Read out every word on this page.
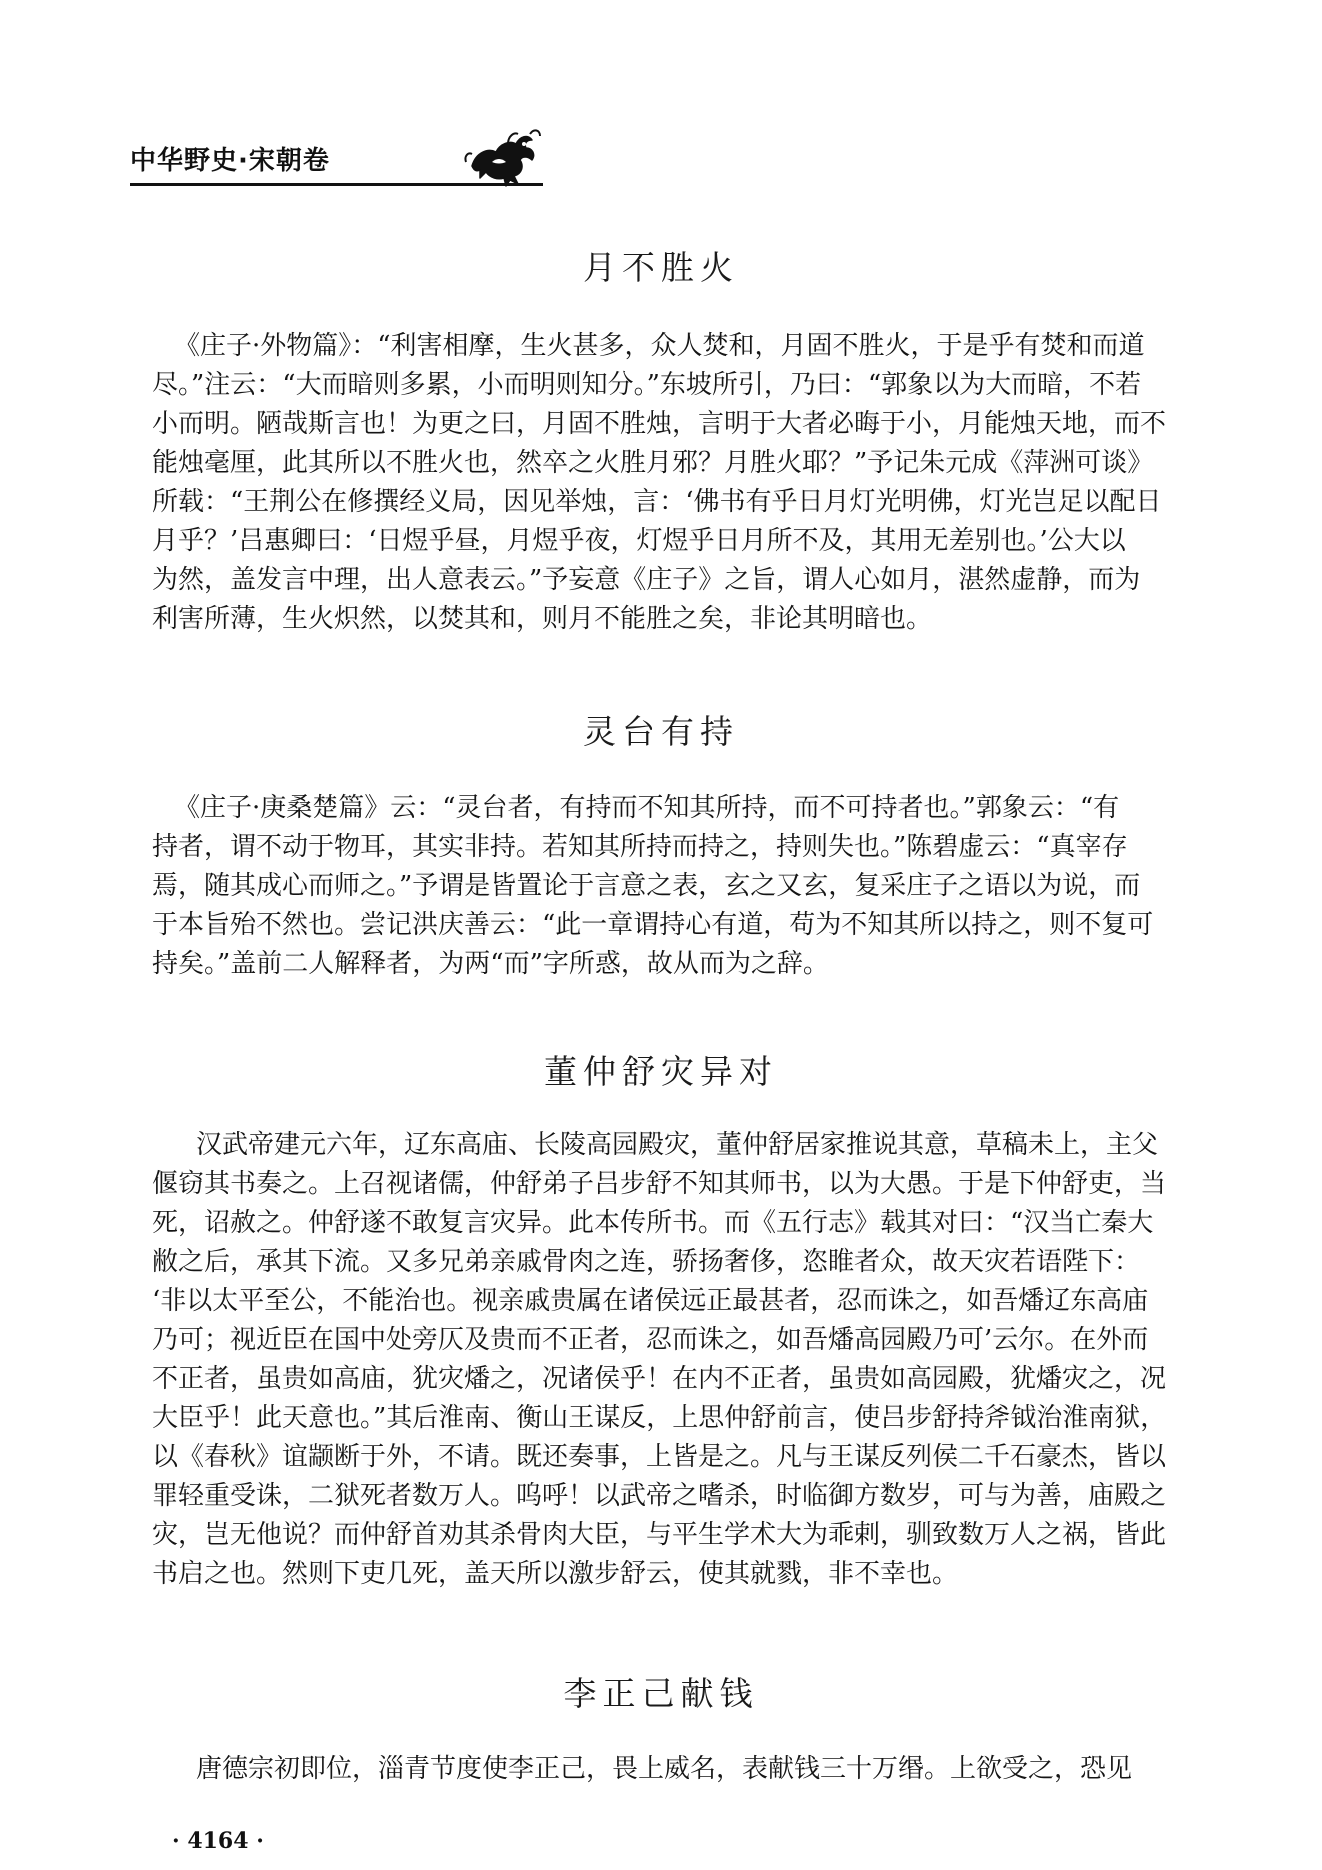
中华野史·宋朝卷
月不胜火
《庄子·外物篇》：“利害相摩，生火甚多，众人焚和，月固不胜火，于是乎有焚和而道
尽。”注云：“大而暗则多累，小而明则知分。”东坡所引，乃曰：“郭象以为大而暗，不若
小而明。陋哉斯言也！为更之曰，月固不胜烛，言明于大者必晦于小，月能烛天地，而不
能烛毫厘，此其所以不胜火也，然卒之火胜月邪？月胜火耶？”予记朱元成《萍洲可谈》
所载：“王荆公在修撰经义局，因见举烛，言：‘佛书有乎日月灯光明佛，灯光岂足以配日
月乎？’吕惠卿曰：‘日煜乎昼，月煜乎夜，灯煜乎日月所不及，其用无差别也。’公大以
为然，盖发言中理，出人意表云。”予妄意《庄子》之旨，谓人心如月，湛然虚静，而为
利害所薄，生火炽然，以焚其和，则月不能胜之矣，非论其明暗也。
灵台有持
《庄子·庚桑楚篇》云：“灵台者，有持而不知其所持，而不可持者也。”郭象云：“有
持者，谓不动于物耳，其实非持。若知其所持而持之，持则失也。”陈碧虚云：“真宰存
焉，随其成心而师之。”予谓是皆置论于言意之表，玄之又玄，复采庄子之语以为说，而
于本旨殆不然也。尝记洪庆善云：“此一章谓持心有道，苟为不知其所以持之，则不复可
持矣。”盖前二人解释者，为两“而”字所惑，故从而为之辞。
董仲舒灾异对
汉武帝建元六年，辽东高庙、长陵高园殿灾，董仲舒居家推说其意，草稿未上，主父
偃窃其书奏之。上召视诸儒，仲舒弟子吕步舒不知其师书，以为大愚。于是下仲舒吏，当
死，诏赦之。仲舒遂不敢复言灾异。此本传所书。而《五行志》载其对曰：“汉当亡秦大
敝之后，承其下流。又多兄弟亲戚骨肉之连，骄扬奢侈，恣睢者众，故天灾若语陛下：
‘非以太平至公，不能治也。视亲戚贵属在诸侯远正最甚者，忍而诛之，如吾燔辽东高庙
乃可；视近臣在国中处旁仄及贵而不正者，忍而诛之，如吾燔高园殿乃可’云尔。在外而
不正者，虽贵如高庙，犹灾燔之，况诸侯乎！在内不正者，虽贵如高园殿，犹燔灾之，况
大臣乎！此天意也。”其后淮南、衡山王谋反，上思仲舒前言，使吕步舒持斧钺治淮南狱，
以《春秋》谊颛断于外，不请。既还奏事，上皆是之。凡与王谋反列侯二千石豪杰，皆以
罪轻重受诛，二狱死者数万人。呜呼！以武帝之嗜杀，时临御方数岁，可与为善，庙殿之
灾，岂无他说？而仲舒首劝其杀骨肉大臣，与平生学术大为乖剌，驯致数万人之祸，皆此
书启之也。然则下吏几死，盖天所以激步舒云，使其就戮，非不幸也。
李正己献钱
唐德宗初即位，淄青节度使李正己，畏上威名，表献钱三十万缗。上欲受之，恐见
· 4164 ·
